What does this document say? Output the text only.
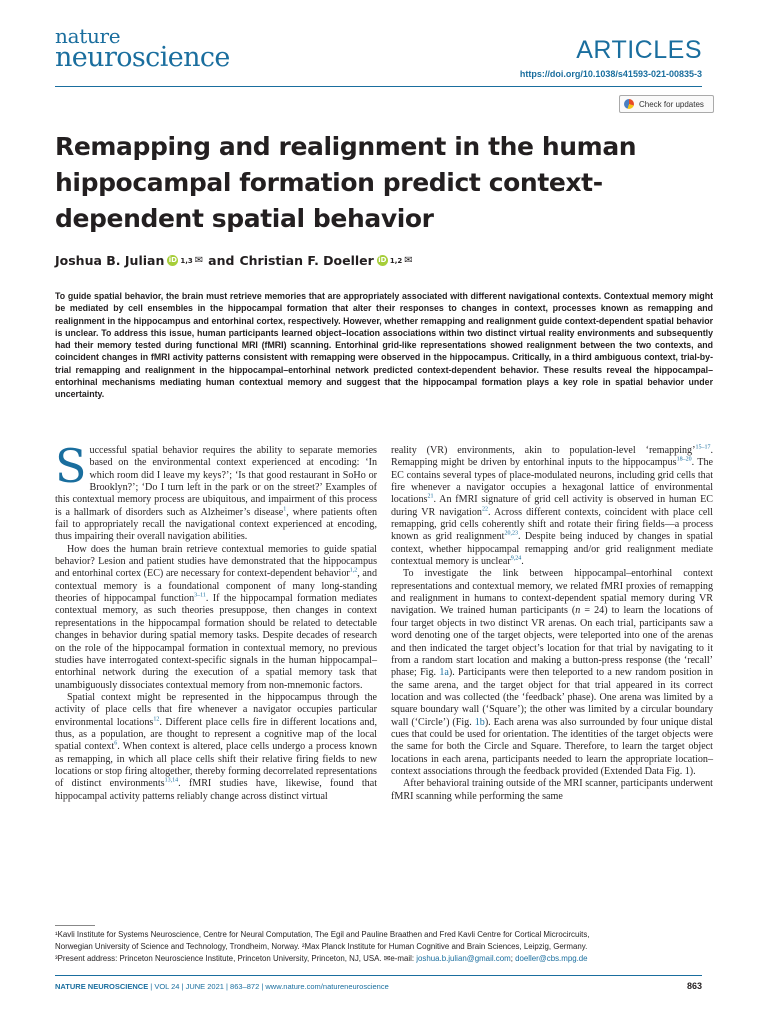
nature
neuroscience	ARTICLES
https://doi.org/10.1038/s41593-021-00835-3
Check for updates
Remapping and realignment in the human hippocampal formation predict context-dependent spatial behavior
Joshua B. Julian iD 1,3 ✉ and Christian F. Doeller iD 1,2 ✉

To guide spatial behavior, the brain must retrieve memories that are appropriately associated with different navigational contexts. Contextual memory might be mediated by cell ensembles in the hippocampal formation that alter their responses to changes in context, processes known as remapping and realignment in the hippocampus and entorhinal cortex, respectively. However, whether remapping and realignment guide context-dependent spatial behavior is unclear. To address this issue, human participants learned object–location associations within two distinct virtual reality environments and subsequently had their memory tested during functional MRI (fMRI) scanning. Entorhinal grid-like representations showed realignment between the two contexts, and coincident changes in fMRI activity patterns consistent with remapping were observed in the hippocampus. Critically, in a third ambiguous context, trial-by-trial remapping and realignment in the hippocampal–entorhinal network predicted context-dependent behavior. These results reveal the hippocampal–entorhinal mechanisms mediating human contextual memory and suggest that the hippocampal formation plays a key role in spatial behavior under uncertainty.

Successful spatial behavior requires the ability to separate memories based on the environmental context experienced at encoding: ‘In which room did I leave my keys?’; ‘Is that good restaurant in SoHo or Brooklyn?’; ‘Do I turn left in the park or on the street?’ Examples of this contextual memory process are ubiquitous, and impairment of this process is a hallmark of disorders such as Alzheimer’s disease$^1$, where patients often fail to appropriately recall the navigational context experienced at encoding, thus impairing their overall navigation abilities.

How does the human brain retrieve contextual memories to guide spatial behavior? Lesion and patient studies have demonstrated that the hippocampus and entorhinal cortex (EC) are necessary for context-dependent behavior$^{1,2}$, and contextual memory is a foundational component of many long-standing theories of hippocampal function$^{3-11}$. If the hippocampal formation mediates contextual memory, as such theories presuppose, then changes in context representations in the hippocampal formation should be related to detectable changes in behavior during spatial memory tasks. Despite decades of research on the role of the hippocampal formation in contextual memory, no previous studies have interrogated context-specific signals in the human hippocampal–entorhinal network during the execution of a spatial memory task that unambiguously dissociates contextual memory from non-mnemonic factors.

Spatial context might be represented in the hippocampus through the activity of place cells that fire whenever a navigator occupies particular environmental locations$^{12}$. Different place cells fire in different locations and, thus, as a population, are thought to represent a cognitive map of the local spatial context$^6$. When context is altered, place cells undergo a process known as remapping, in which all place cells shift their relative firing fields to new locations or stop firing altogether, thereby forming decorrelated representations of distinct environments$^{13,14}$. fMRI studies have, likewise, found that hippocampal activity patterns reliably change across distinct virtual

reality (VR) environments, akin to population-level ‘remapping’$^{15-17}$. Remapping might be driven by entorhinal inputs to the hippocampus$^{18-20}$. The EC contains several types of place-modulated neurons, including grid cells that fire whenever a navigator occupies a hexagonal lattice of environmental locations$^{21}$. An fMRI signature of grid cell activity is observed in human EC during VR navigation$^{22}$. Across different contexts, coincident with place cell remapping, grid cells coherently shift and rotate their firing fields—a process known as grid realignment$^{20,23}$. Despite being induced by changes in spatial context, whether hippocampal remapping and/or grid realignment mediate contextual memory is unclear$^{9,24}$.

To investigate the link between hippocampal–entorhinal context representations and contextual memory, we related fMRI proxies of remapping and realignment in humans to context-dependent spatial memory during VR navigation. We trained human participants (n = 24) to learn the locations of four target objects in two distinct VR arenas. On each trial, participants saw a word denoting one of the target objects, were teleported into one of the arenas and then indicated the target object’s location for that trial by navigating to it from a random start location and making a button-press response (the ‘recall’ phase; Fig. 1a). Participants were then teleported to a new random position in the same arena, and the target object for that trial appeared in its correct location and was collected (the ‘feedback’ phase). One arena was limited by a square boundary wall (‘Square’); the other was limited by a circular boundary wall (‘Circle’) (Fig. 1b). Each arena was also surrounded by four unique distal cues that could be used for orientation. The identities of the target objects were the same for both the Circle and Square. Therefore, to learn the target object locations in each arena, participants needed to learn the appropriate location–context associations through the feedback provided (Extended Data Fig. 1).

After behavioral training outside of the MRI scanner, participants underwent fMRI scanning while performing the same

¹Kavli Institute for Systems Neuroscience, Centre for Neural Computation, The Egil and Pauline Braathen and Fred Kavli Centre for Cortical Microcircuits,
Norwegian University of Science and Technology, Trondheim, Norway. ²Max Planck Institute for Human Cognitive and Brain Sciences, Leipzig, Germany.
³Present address: Princeton Neuroscience Institute, Princeton University, Princeton, NJ, USA. ✉e-mail: joshua.b.julian@gmail.com; doeller@cbs.mpg.de
NATURE NEUROSCIENCE | VOL 24 | JUNE 2021 | 863–872 | www.nature.com/natureneuroscience	863
